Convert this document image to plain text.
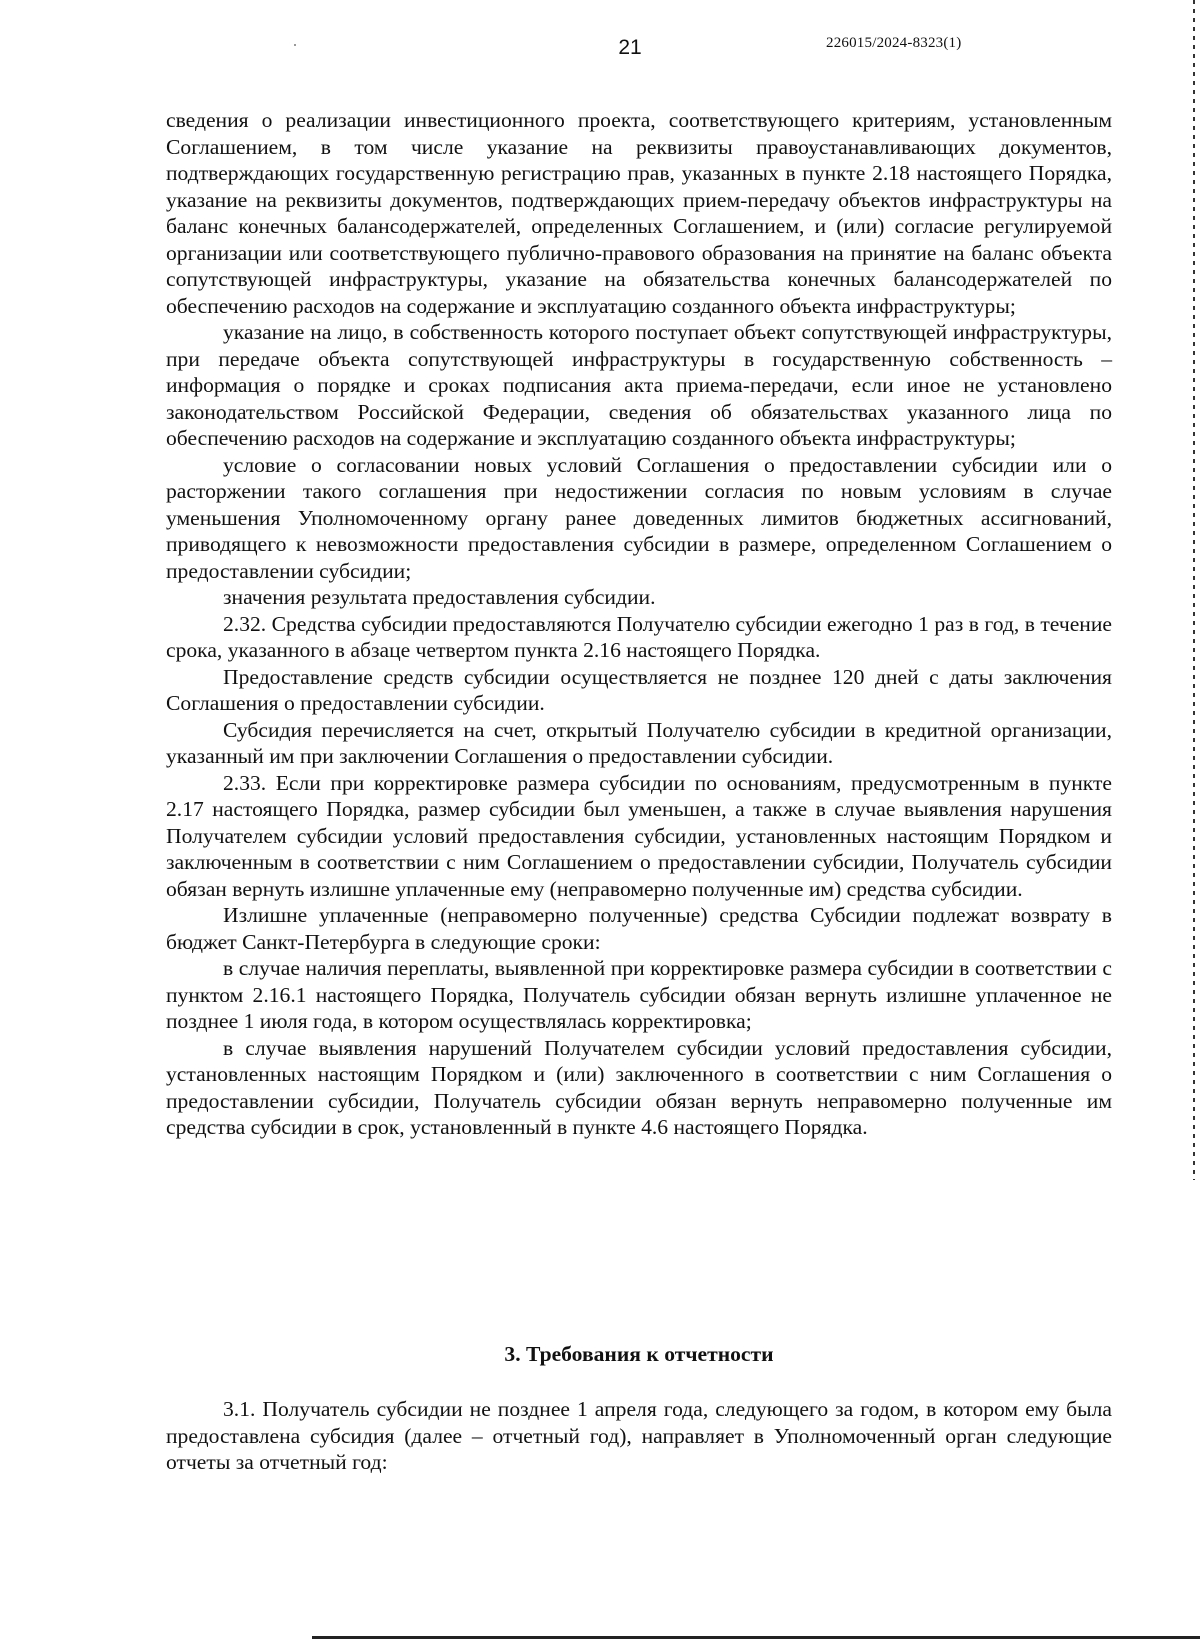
21	226015/2024-8323(1)

сведения о реализации инвестиционного проекта, соответствующего критериям, установленным Соглашением, в том числе указание на реквизиты правоустанавливающих документов, подтверждающих государственную регистрацию прав, указанных в пункте 2.18 настоящего Порядка, указание на реквизиты документов, подтверждающих прием-передачу объектов инфраструктуры на баланс конечных балансодержателей, определенных Соглашением, и (или) согласие регулируемой организации или соответствующего публично-правового образования на принятие на баланс объекта сопутствующей инфраструктуры, указание на обязательства конечных балансодержателей по обеспечению расходов на содержание и эксплуатацию созданного объекта инфраструктуры;

указание на лицо, в собственность которого поступает объект сопутствующей инфраструктуры, при передаче объекта сопутствующей инфраструктуры в государственную собственность – информация о порядке и сроках подписания акта приема-передачи, если иное не установлено законодательством Российской Федерации, сведения об обязательствах указанного лица по обеспечению расходов на содержание и эксплуатацию созданного объекта инфраструктуры;

условие о согласовании новых условий Соглашения о предоставлении субсидии или о расторжении такого соглашения при недостижении согласия по новым условиям в случае уменьшения Уполномоченному органу ранее доведенных лимитов бюджетных ассигнований, приводящего к невозможности предоставления субсидии в размере, определенном Соглашением о предоставлении субсидии;

значения результата предоставления субсидии.

2.32. Средства субсидии предоставляются Получателю субсидии ежегодно 1 раз в год, в течение срока, указанного в абзаце четвертом пункта 2.16 настоящего Порядка.

Предоставление средств субсидии осуществляется не позднее 120 дней с даты заключения Соглашения о предоставлении субсидии.

Субсидия перечисляется на счет, открытый Получателю субсидии в кредитной организации, указанный им при заключении Соглашения о предоставлении субсидии.

2.33. Если при корректировке размера субсидии по основаниям, предусмотренным в пункте 2.17 настоящего Порядка, размер субсидии был уменьшен, а также в случае выявления нарушения Получателем субсидии условий предоставления субсидии, установленных настоящим Порядком и заключенным в соответствии с ним Соглашением о предоставлении субсидии, Получатель субсидии обязан вернуть излишне уплаченные ему (неправомерно полученные им) средства субсидии.

Излишне уплаченные (неправомерно полученные) средства Субсидии подлежат возврату в бюджет Санкт-Петербурга в следующие сроки:

в случае наличия переплаты, выявленной при корректировке размера субсидии в соответствии с пунктом 2.16.1 настоящего Порядка, Получатель субсидии обязан вернуть излишне уплаченное не позднее 1 июля года, в котором осуществлялась корректировка;

в случае выявления нарушений Получателем субсидии условий предоставления субсидии, установленных настоящим Порядком и (или) заключенного в соответствии с ним Соглашения о предоставлении субсидии, Получатель субсидии обязан вернуть неправомерно полученные им средства субсидии в срок, установленный в пункте 4.6 настоящего Порядка.

3. Требования к отчетности

3.1. Получатель субсидии не позднее 1 апреля года, следующего за годом, в котором ему была предоставлена субсидия (далее – отчетный год), направляет в Уполномоченный орган следующие отчеты за отчетный год:
